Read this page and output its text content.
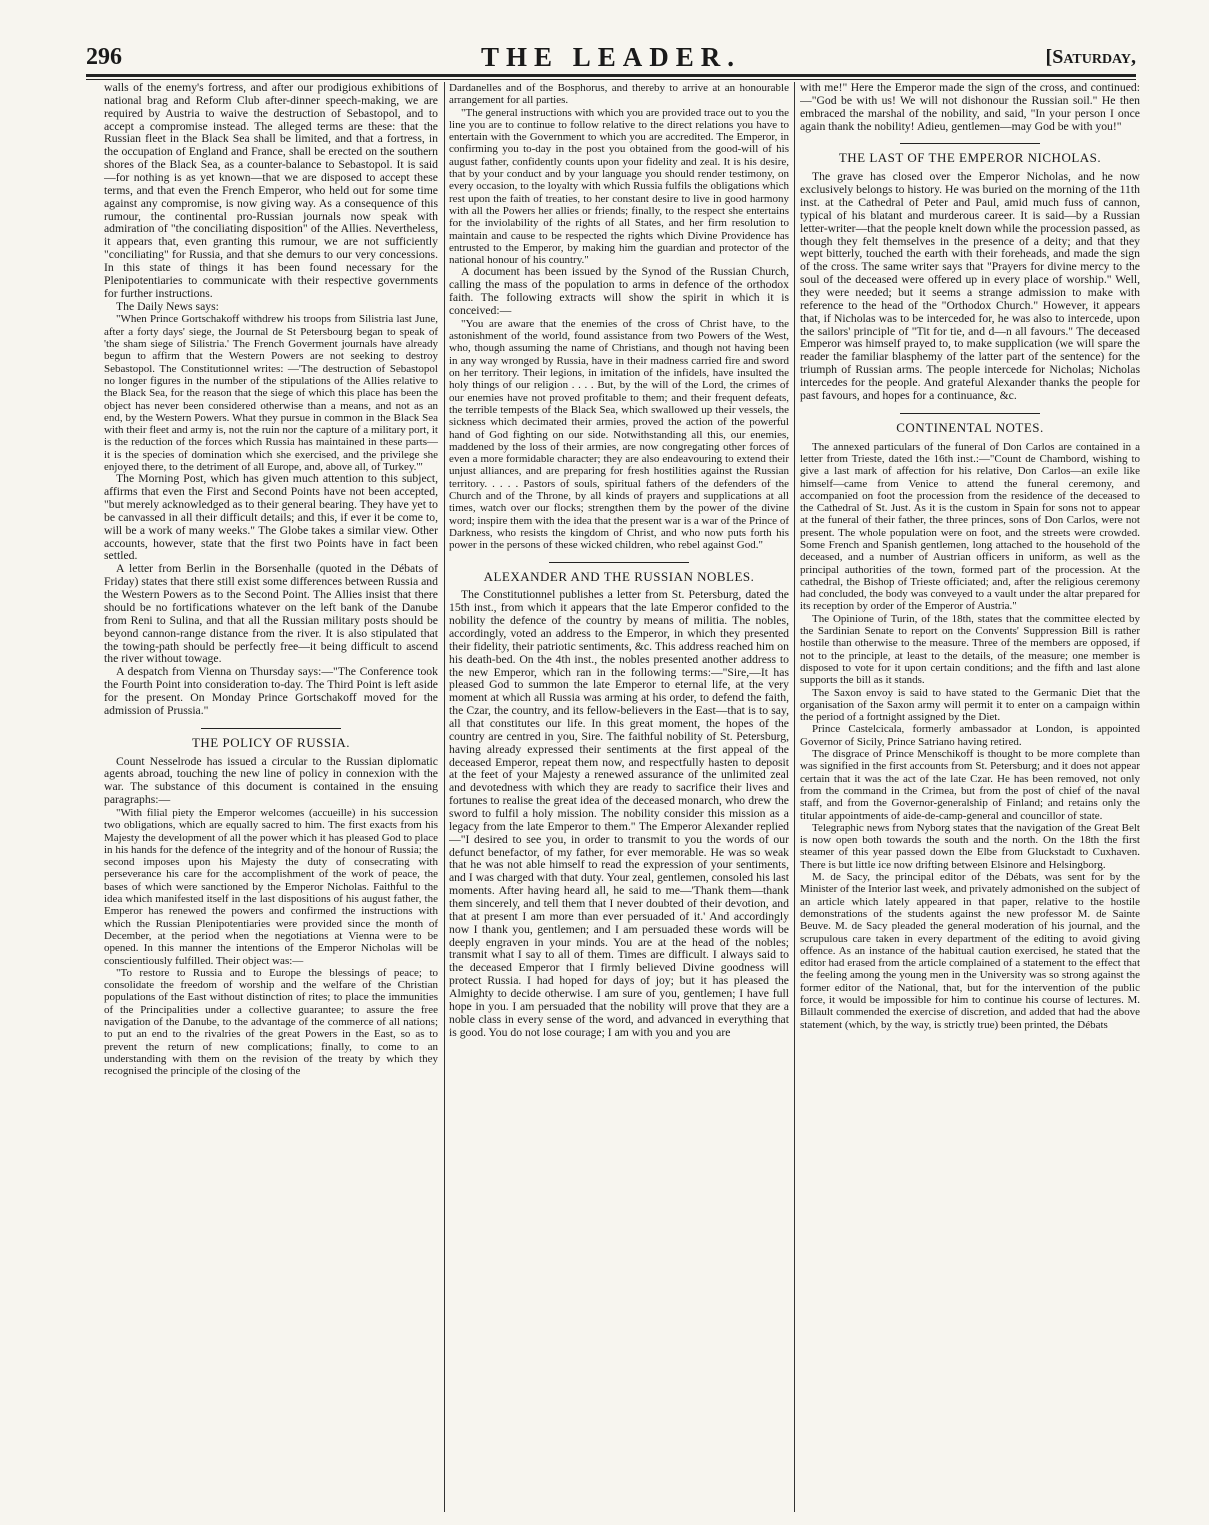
296	THE LEADER.	[Saturday,

walls of the enemy's fortress, and after our prodigious exhibitions of national brag and Reform Club after-dinner speech-making, we are required by Austria to waive the destruction of Sebastopol, and to accept a compromise instead. The alleged terms are these: that the Russian fleet in the Black Sea shall be limited, and that a fortress, in the occupation of England and France, shall be erected on the southern shores of the Black Sea, as a counter-balance to Sebastopol. It is said—for nothing is as yet known—that we are disposed to accept these terms, and that even the French Emperor, who held out for some time against any compromise, is now giving way. As a consequence of this rumour, the continental pro-Russian journals now speak with admiration of "the conciliating disposition" of the Allies. Nevertheless, it appears that, even granting this rumour, we are not sufficiently "conciliating" for Russia, and that she demurs to our very concessions. In this state of things it has been found necessary for the Plenipotentiaries to communicate with their respective governments for further instructions.

The Daily News says:

"When Prince Gortschakoff withdrew his troops from Silistria last June, after a forty days' siege, the Journal de St Petersbourg began to speak of 'the sham siege of Silistria.' The French Goverment journals have already begun to affirm that the Western Powers are not seeking to destroy Sebastopol. The Constitutionnel writes: —'The destruction of Sebastopol no longer figures in the number of the stipulations of the Allies relative to the Black Sea, for the reason that the siege of which this place has been the object has never been considered otherwise than a means, and not as an end, by the Western Powers. What they pursue in common in the Black Sea with their fleet and army is, not the ruin nor the capture of a military port, it is the reduction of the forces which Russia has maintained in these parts—it is the species of domination which she exercised, and the privilege she enjoyed there, to the detriment of all Europe, and, above all, of Turkey.'"

The Morning Post, which has given much attention to this subject, affirms that even the First and Second Points have not been accepted, "but merely acknowledged as to their general bearing. They have yet to be canvassed in all their difficult details; and this, if ever it be come to, will be a work of many weeks." The Globe takes a similar view. Other accounts, however, state that the first two Points have in fact been settled.

A letter from Berlin in the Borsenhalle (quoted in the Débats of Friday) states that there still exist some differences between Russia and the Western Powers as to the Second Point. The Allies insist that there should be no fortifications whatever on the left bank of the Danube from Reni to Sulina, and that all the Russian military posts should be beyond cannon-range distance from the river. It is also stipulated that the towing-path should be perfectly free—it being difficult to ascend the river without towage.

A despatch from Vienna on Thursday says:—"The Conference took the Fourth Point into consideration to-day. The Third Point is left aside for the present. On Monday Prince Gortschakoff moved for the admission of Prussia."

THE POLICY OF RUSSIA.

Count Nesselrode has issued a circular to the Russian diplomatic agents abroad, touching the new line of policy in connexion with the war. The substance of this document is contained in the ensuing paragraphs:—

"With filial piety the Emperor welcomes (accueille) in his succession two obligations, which are equally sacred to him. The first exacts from his Majesty the development of all the power which it has pleased God to place in his hands for the defence of the integrity and of the honour of Russia; the second imposes upon his Majesty the duty of consecrating with perseverance his care for the accomplishment of the work of peace, the bases of which were sanctioned by the Emperor Nicholas. Faithful to the idea which manifested itself in the last dispositions of his august father, the Emperor has renewed the powers and confirmed the instructions with which the Russian Plenipotentiaries were provided since the month of December, at the period when the negotiations at Vienna were to be opened. In this manner the intentions of the Emperor Nicholas will be conscientiously fulfilled. Their object was:—

"To restore to Russia and to Europe the blessings of peace; to consolidate the freedom of worship and the welfare of the Christian populations of the East without distinction of rites; to place the immunities of the Principalities under a collective guarantee; to assure the free navigation of the Danube, to the advantage of the commerce of all nations; to put an end to the rivalries of the great Powers in the East, so as to prevent the return of new complications; finally, to come to an understanding with them on the revision of the treaty by which they recognised the principle of the closing of the

Dardanelles and of the Bosphorus, and thereby to arrive at an honourable arrangement for all parties.

"The general instructions with which you are provided trace out to you the line you are to continue to follow relative to the direct relations you have to entertain with the Government to which you are accredited. The Emperor, in confirming you to-day in the post you obtained from the good-will of his august father, confidently counts upon your fidelity and zeal. It is his desire, that by your conduct and by your language you should render testimony, on every occasion, to the loyalty with which Russia fulfils the obligations which rest upon the faith of treaties, to her constant desire to live in good harmony with all the Powers her allies or friends; finally, to the respect she entertains for the inviolability of the rights of all States, and her firm resolution to maintain and cause to be respected the rights which Divine Providence has entrusted to the Emperor, by making him the guardian and protector of the national honour of his country."

A document has been issued by the Synod of the Russian Church, calling the mass of the population to arms in defence of the orthodox faith. The following extracts will show the spirit in which it is conceived:—

"You are aware that the enemies of the cross of Christ have, to the astonishment of the world, found assistance from two Powers of the West, who, though assuming the name of Christians, and though not having been in any way wronged by Russia, have in their madness carried fire and sword on her territory. Their legions, in imitation of the infidels, have insulted the holy things of our religion . . . . But, by the will of the Lord, the crimes of our enemies have not proved profitable to them; and their frequent defeats, the terrible tempests of the Black Sea, which swallowed up their vessels, the sickness which decimated their armies, proved the action of the powerful hand of God fighting on our side. Notwithstanding all this, our enemies, maddened by the loss of their armies, are now congregating other forces of even a more formidable character; they are also endeavouring to extend their unjust alliances, and are preparing for fresh hostilities against the Russian territory. . . . . Pastors of souls, spiritual fathers of the defenders of the Church and of the Throne, by all kinds of prayers and supplications at all times, watch over our flocks; strengthen them by the power of the divine word; inspire them with the idea that the present war is a war of the Prince of Darkness, who resists the kingdom of Christ, and who now puts forth his power in the persons of these wicked children, who rebel against God."

ALEXANDER AND THE RUSSIAN NOBLES.

The Constitutionnel publishes a letter from St. Petersburg, dated the 15th inst., from which it appears that the late Emperor confided to the nobility the defence of the country by means of militia. The nobles, accordingly, voted an address to the Emperor, in which they presented their fidelity, their patriotic sentiments, &c. This address reached him on his death-bed. On the 4th inst., the nobles presented another address to the new Emperor, which ran in the following terms:—"Sire,—It has pleased God to summon the late Emperor to eternal life, at the very moment at which all Russia was arming at his order, to defend the faith, the Czar, the country, and its fellow-believers in the East—that is to say, all that constitutes our life. In this great moment, the hopes of the country are centred in you, Sire. The faithful nobility of St. Petersburg, having already expressed their sentiments at the first appeal of the deceased Emperor, repeat them now, and respectfully hasten to deposit at the feet of your Majesty a renewed assurance of the unlimited zeal and devotedness with which they are ready to sacrifice their lives and fortunes to realise the great idea of the deceased monarch, who drew the sword to fulfil a holy mission. The nobility consider this mission as a legacy from the late Emperor to them." The Emperor Alexander replied—"I desired to see you, in order to transmit to you the words of our defunct benefactor, of my father, for ever memorable. He was so weak that he was not able himself to read the expression of your sentiments, and I was charged with that duty. Your zeal, gentlemen, consoled his last moments. After having heard all, he said to me—'Thank them—thank them sincerely, and tell them that I never doubted of their devotion, and that at present I am more than ever persuaded of it.' And accordingly now I thank you, gentlemen; and I am persuaded these words will be deeply engraven in your minds. You are at the head of the nobles; transmit what I say to all of them. Times are difficult. I always said to the deceased Emperor that I firmly believed Divine goodness will protect Russia. I had hoped for days of joy; but it has pleased the Almighty to decide otherwise. I am sure of you, gentlemen; I have full hope in you. I am persuaded that the nobility will prove that they are a noble class in every sense of the word, and advanced in everything that is good. You do not lose courage; I am with you and you are

with me!" Here the Emperor made the sign of the cross, and continued:—"God be with us! We will not dishonour the Russian soil." He then embraced the marshal of the nobility, and said, "In your person I once again thank the nobility! Adieu, gentlemen—may God be with you!"

THE LAST OF THE EMPEROR NICHOLAS.

The grave has closed over the Emperor Nicholas, and he now exclusively belongs to history. He was buried on the morning of the 11th inst. at the Cathedral of Peter and Paul, amid much fuss of cannon, typical of his blatant and murderous career. It is said—by a Russian letter-writer—that the people knelt down while the procession passed, as though they felt themselves in the presence of a deity; and that they wept bitterly, touched the earth with their foreheads, and made the sign of the cross. The same writer says that "Prayers for divine mercy to the soul of the deceased were offered up in every place of worship." Well, they were needed; but it seems a strange admission to make with reference to the head of the "Orthodox Church." However, it appears that, if Nicholas was to be interceded for, he was also to intercede, upon the sailors' principle of "Tit for tie, and d—n all favours." The deceased Emperor was himself prayed to, to make supplication (we will spare the reader the familiar blasphemy of the latter part of the sentence) for the triumph of Russian arms. The people intercede for Nicholas; Nicholas intercedes for the people. And grateful Alexander thanks the people for past favours, and hopes for a continuance, &c.

CONTINENTAL NOTES.

The annexed particulars of the funeral of Don Carlos are contained in a letter from Trieste, dated the 16th inst.:—"Count de Chambord, wishing to give a last mark of affection for his relative, Don Carlos—an exile like himself—came from Venice to attend the funeral ceremony, and accompanied on foot the procession from the residence of the deceased to the Cathedral of St. Just. As it is the custom in Spain for sons not to appear at the funeral of their father, the three princes, sons of Don Carlos, were not present. The whole population were on foot, and the streets were crowded. Some French and Spanish gentlemen, long attached to the household of the deceased, and a number of Austrian officers in uniform, as well as the principal authorities of the town, formed part of the procession. At the cathedral, the Bishop of Trieste officiated; and, after the religious ceremony had concluded, the body was conveyed to a vault under the altar prepared for its reception by order of the Emperor of Austria."

The Opinione of Turin, of the 18th, states that the committee elected by the Sardinian Senate to report on the Convents' Suppression Bill is rather hostile than otherwise to the measure. Three of the members are opposed, if not to the principle, at least to the details, of the measure; one member is disposed to vote for it upon certain conditions; and the fifth and last alone supports the bill as it stands.

The Saxon envoy is said to have stated to the Germanic Diet that the organisation of the Saxon army will permit it to enter on a campaign within the period of a fortnight assigned by the Diet.

Prince Castelcicala, formerly ambassador at London, is appointed Governor of Sicily, Prince Satriano having retired.

The disgrace of Prince Menschikoff is thought to be more complete than was signified in the first accounts from St. Petersburg; and it does not appear certain that it was the act of the late Czar. He has been removed, not only from the command in the Crimea, but from the post of chief of the naval staff, and from the Governor-generalship of Finland; and retains only the titular appointments of aide-de-camp-general and councillor of state.

Telegraphic news from Nyborg states that the navigation of the Great Belt is now open both towards the south and the north. On the 18th the first steamer of this year passed down the Elbe from Gluckstadt to Cuxhaven. There is but little ice now drifting between Elsinore and Helsingborg.

M. de Sacy, the principal editor of the Débats, was sent for by the Minister of the Interior last week, and privately admonished on the subject of an article which lately appeared in that paper, relative to the hostile demonstrations of the students against the new professor M. de Sainte Beuve. M. de Sacy pleaded the general moderation of his journal, and the scrupulous care taken in every department of the editing to avoid giving offence. As an instance of the habitual caution exercised, he stated that the editor had erased from the article complained of a statement to the effect that the feeling among the young men in the University was so strong against the former editor of the National, that, but for the intervention of the public force, it would be impossible for him to continue his course of lectures. M. Billault commended the exercise of discretion, and added that had the above statement (which, by the way, is strictly true) been printed, the Débats
